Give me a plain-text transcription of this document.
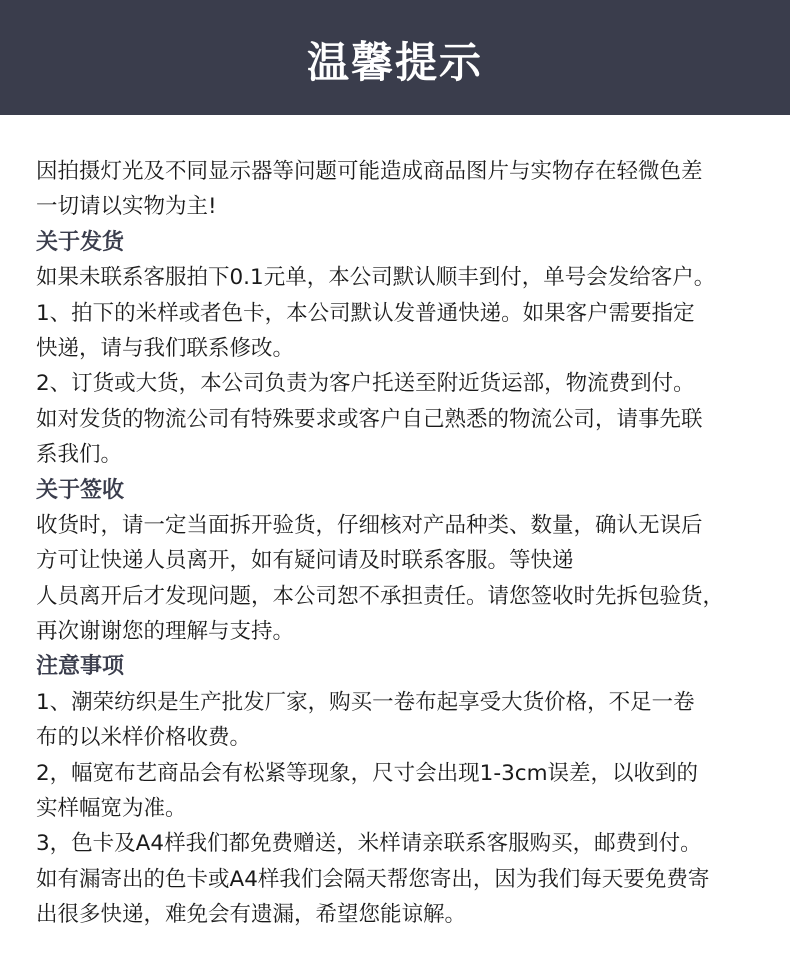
温馨提示
因拍摄灯光及不同显示器等问题可能造成商品图片与实物存在轻微色差
一切请以实物为主!
关于发货
如果未联系客服拍下0.1元单，本公司默认顺丰到付，单号会发给客户。
1、拍下的米样或者色卡，本公司默认发普通快递。如果客户需要指定
快递，请与我们联系修改。
2、订货或大货，本公司负责为客户托送至附近货运部，物流费到付。
如对发货的物流公司有特殊要求或客户自己熟悉的物流公司，请事先联
系我们。
关于签收
收货时，请一定当面拆开验货，仔细核对产品种类、数量，确认无误后
方可让快递人员离开，如有疑问请及时联系客服。等快递
人员离开后才发现问题，本公司恕不承担责任。请您签收时先拆包验货，
再次谢谢您的理解与支持。
注意事项
1、潮荣纺织是生产批发厂家，购买一卷布起享受大货价格，不足一卷
布的以米样价格收费。
2，幅宽布艺商品会有松紧等现象，尺寸会出现1-3cm误差，以收到的
实样幅宽为准。
3，色卡及A4样我们都免费赠送，米样请亲联系客服购买，邮费到付。
如有漏寄出的色卡或A4样我们会隔天帮您寄出，因为我们每天要免费寄
出很多快递，难免会有遗漏，希望您能谅解。
